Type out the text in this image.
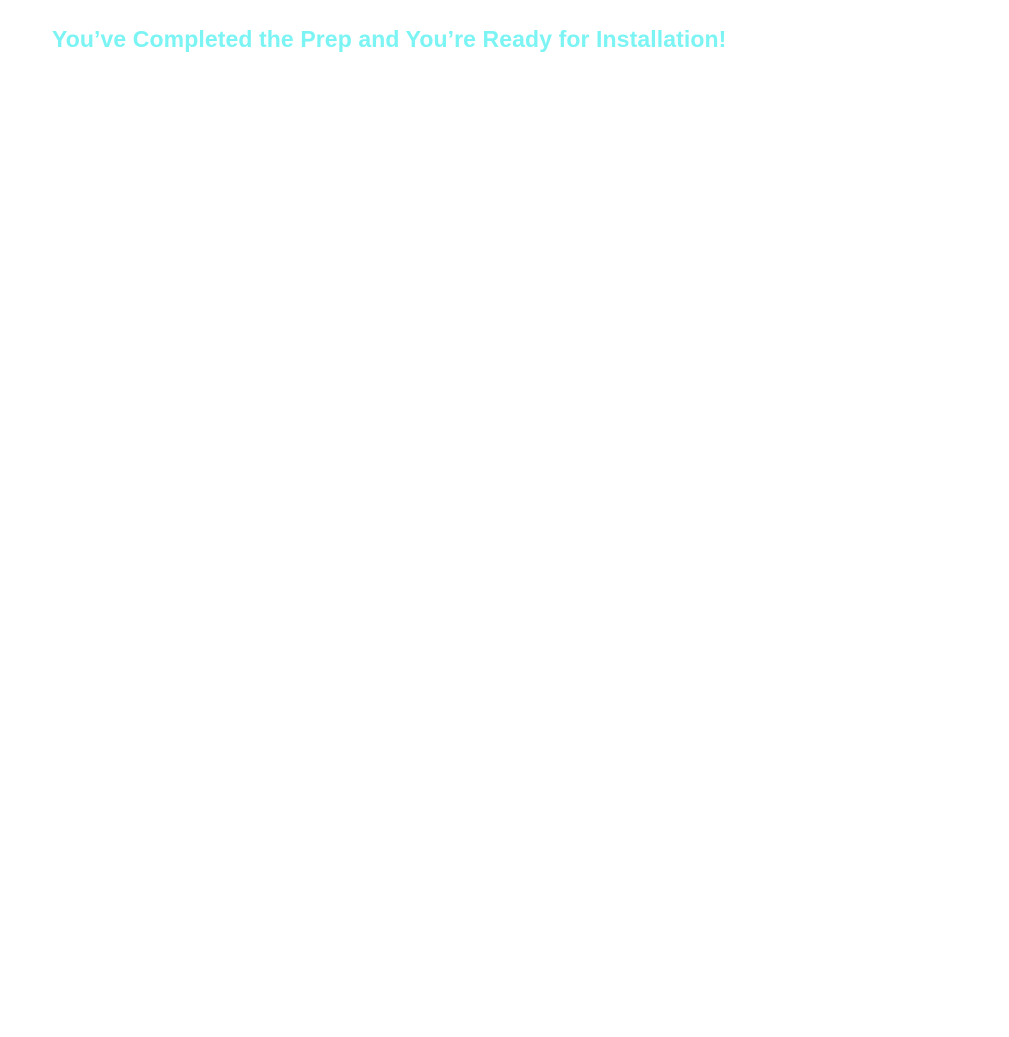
You’ve Completed the Prep and You’re Ready for Installation!
